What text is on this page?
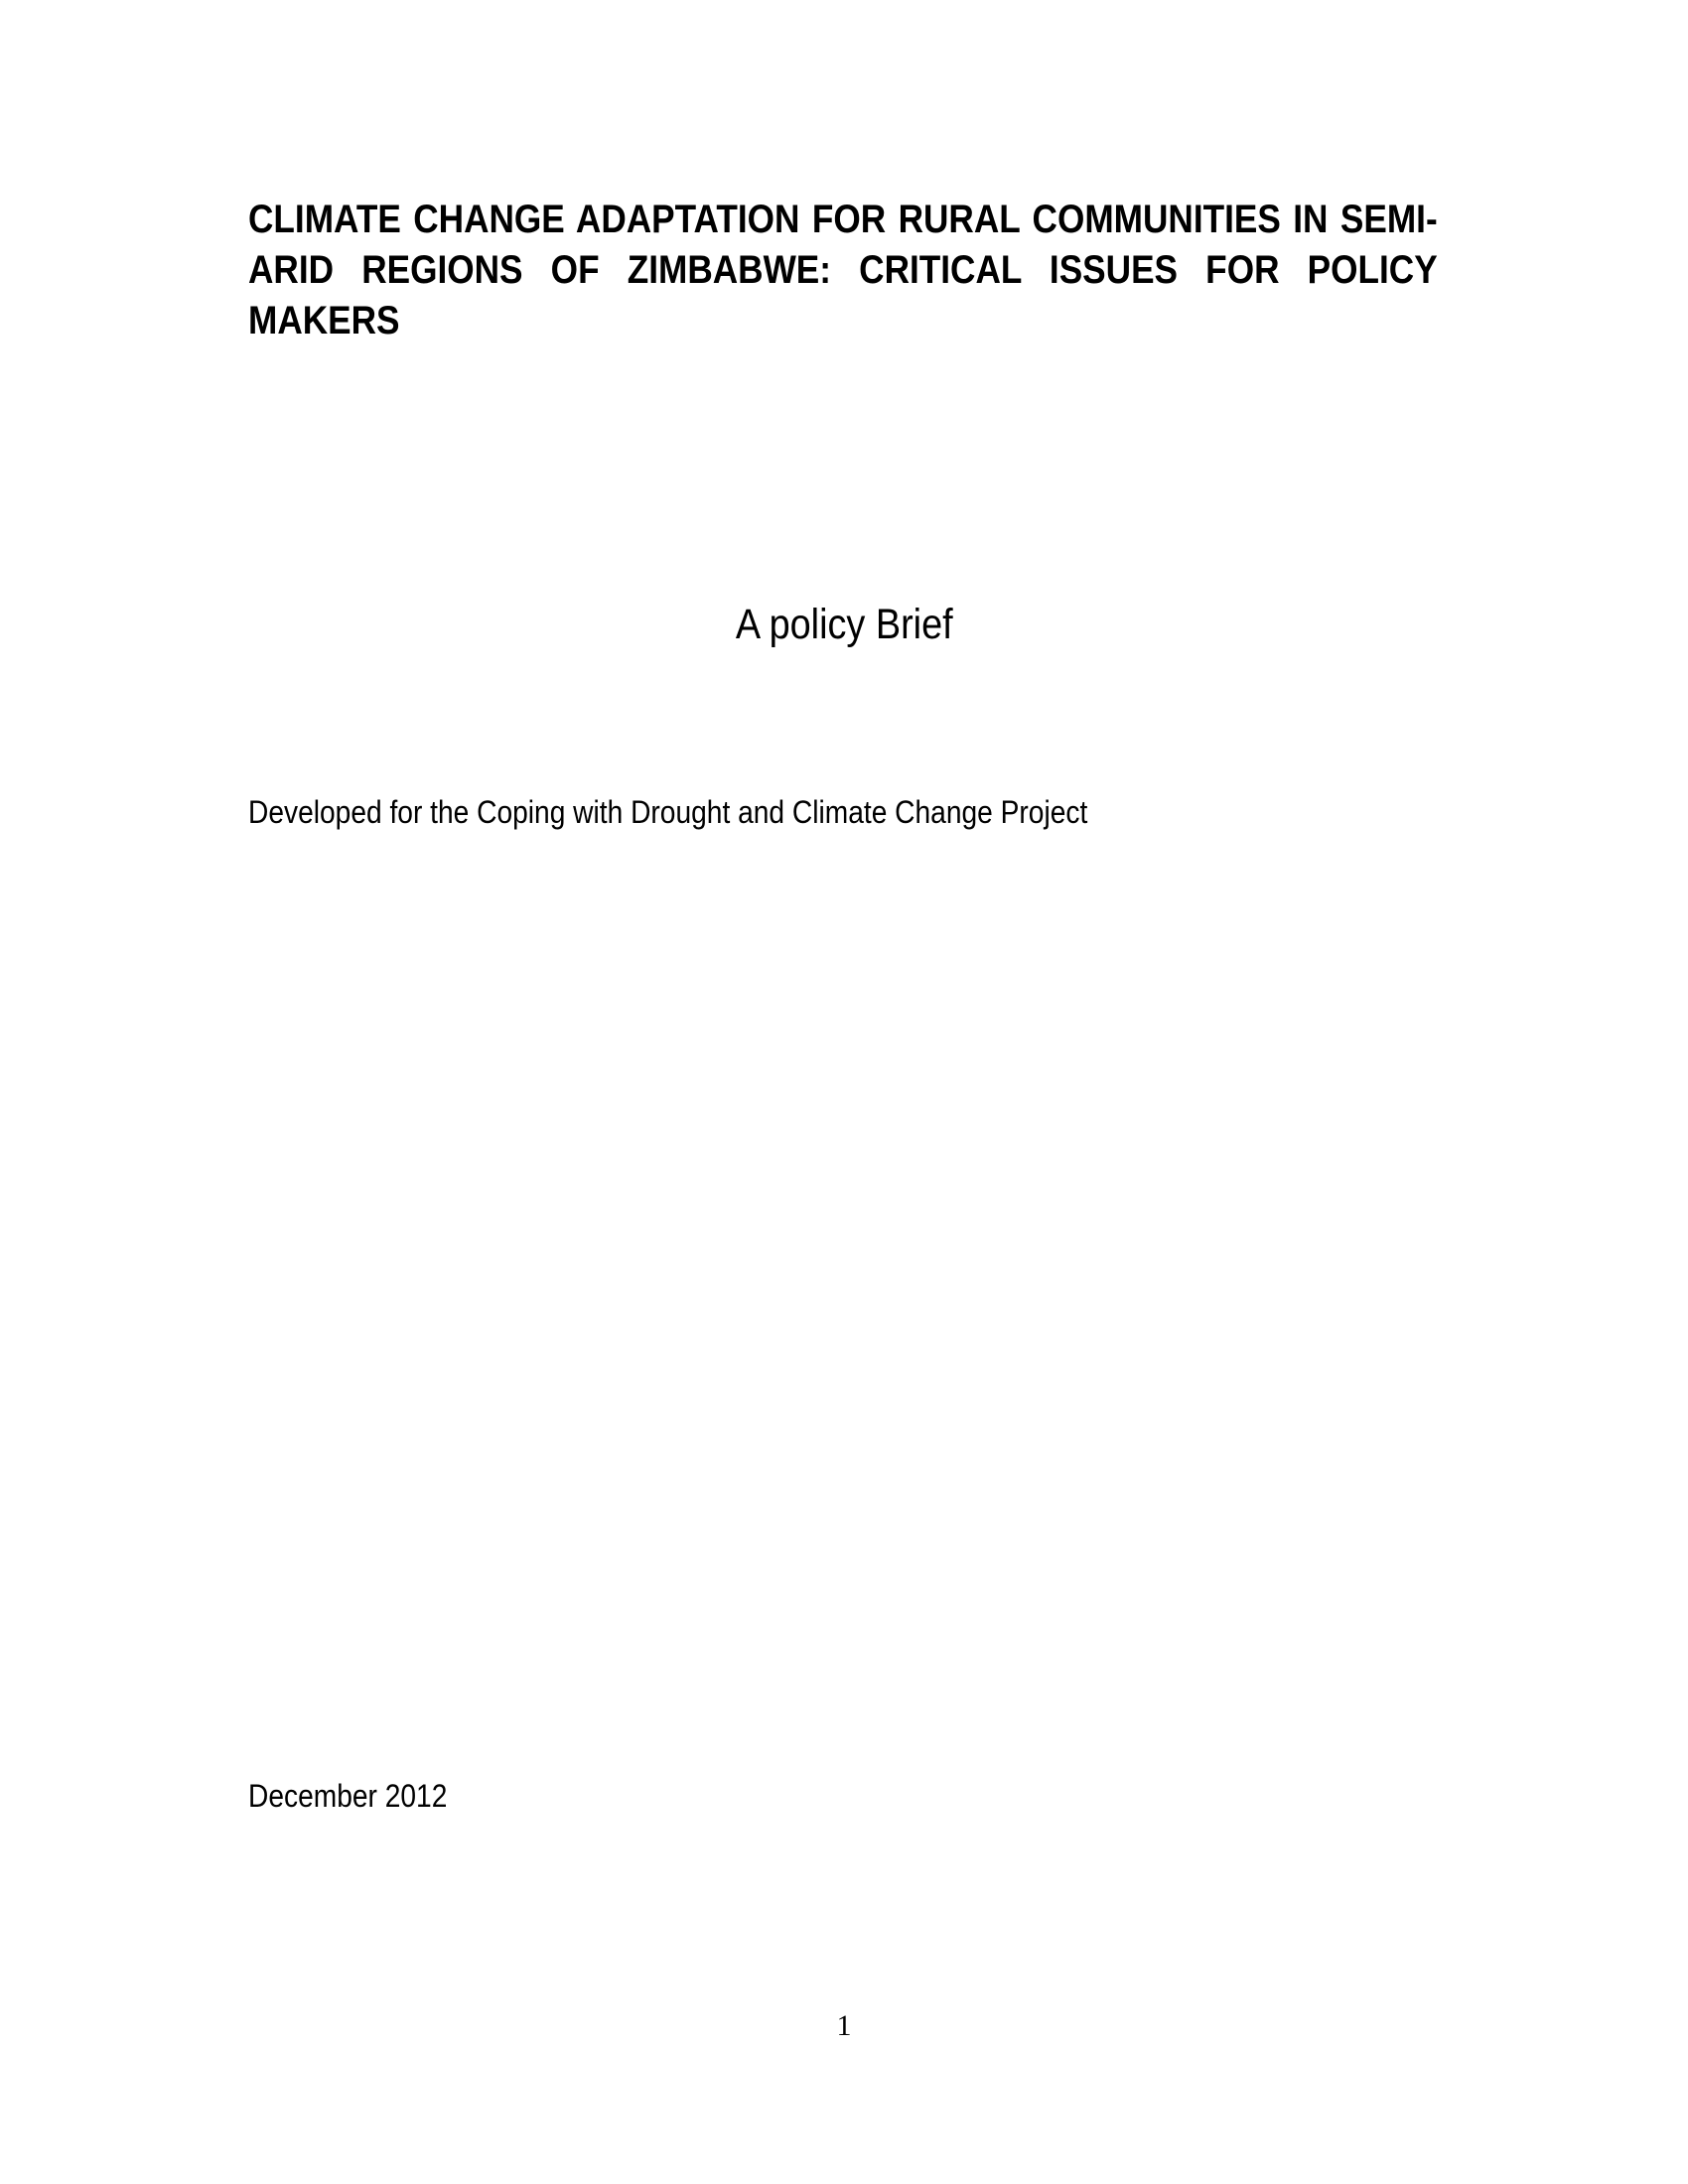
CLIMATE CHANGE ADAPTATION FOR RURAL COMMUNITIES IN SEMI-ARID REGIONS OF ZIMBABWE: CRITICAL ISSUES FOR POLICY MAKERS
A policy Brief
Developed for the Coping with Drought and Climate Change Project
December 2012
1
